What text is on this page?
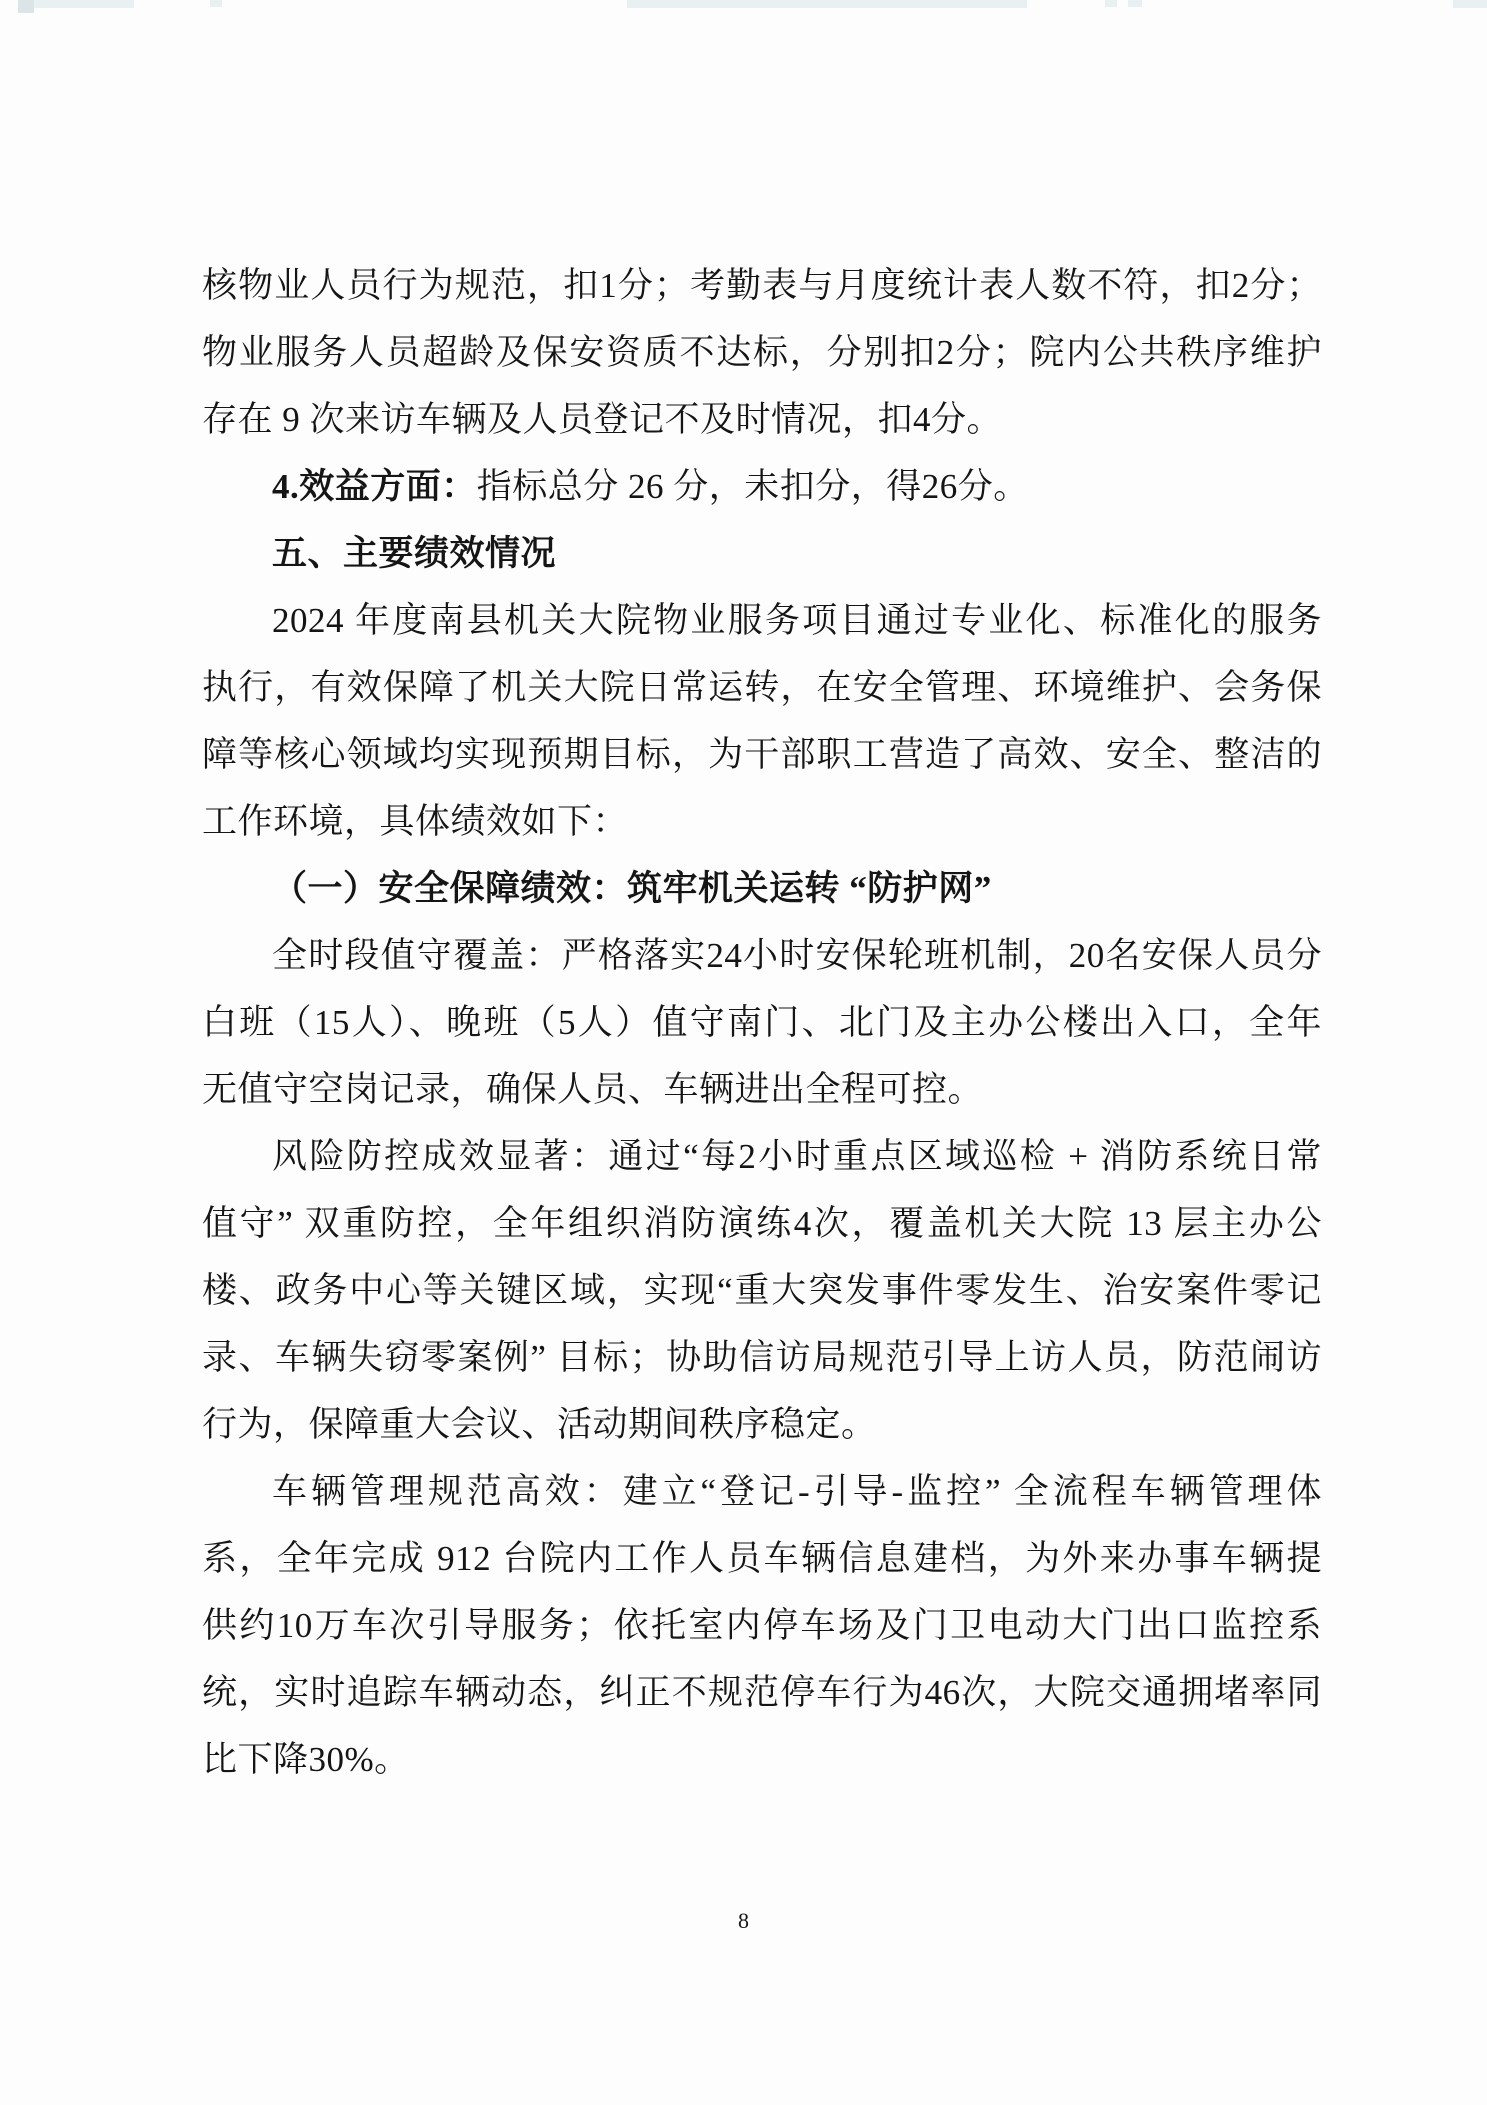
核物业人员行为规范，扣1分；考勤表与月度统计表人数不符，扣2分；
物业服务人员超龄及保安资质不达标，分别扣2分；院内公共秩序维护
存在 9 次来访车辆及人员登记不及时情况，扣4分。
4.效益方面：指标总分 26 分，未扣分，得26分。
五、主要绩效情况
2024 年度南县机关大院物业服务项目通过专业化、标准化的服务
执行，有效保障了机关大院日常运转，在安全管理、环境维护、会务保
障等核心领域均实现预期目标，为干部职工营造了高效、安全、整洁的
工作环境，具体绩效如下：
（一）安全保障绩效：筑牢机关运转 “防护网”
全时段值守覆盖：严格落实24小时安保轮班机制，20名安保人员分
白班（15人）、晚班（5人）值守南门、北门及主办公楼出入口，全年
无值守空岗记录，确保人员、车辆进出全程可控。
风险防控成效显著：通过“每2小时重点区域巡检 + 消防系统日常
值守” 双重防控，全年组织消防演练4次，覆盖机关大院 13 层主办公
楼、政务中心等关键区域，实现“重大突发事件零发生、治安案件零记
录、车辆失窃零案例” 目标；协助信访局规范引导上访人员，防范闹访
行为，保障重大会议、活动期间秩序稳定。
车辆管理规范高效：建立“登记-引导-监控” 全流程车辆管理体
系，全年完成 912 台院内工作人员车辆信息建档，为外来办事车辆提
供约10万车次引导服务；依托室内停车场及门卫电动大门出口监控系
统，实时追踪车辆动态，纠正不规范停车行为46次，大院交通拥堵率同
比下降30%。
8
